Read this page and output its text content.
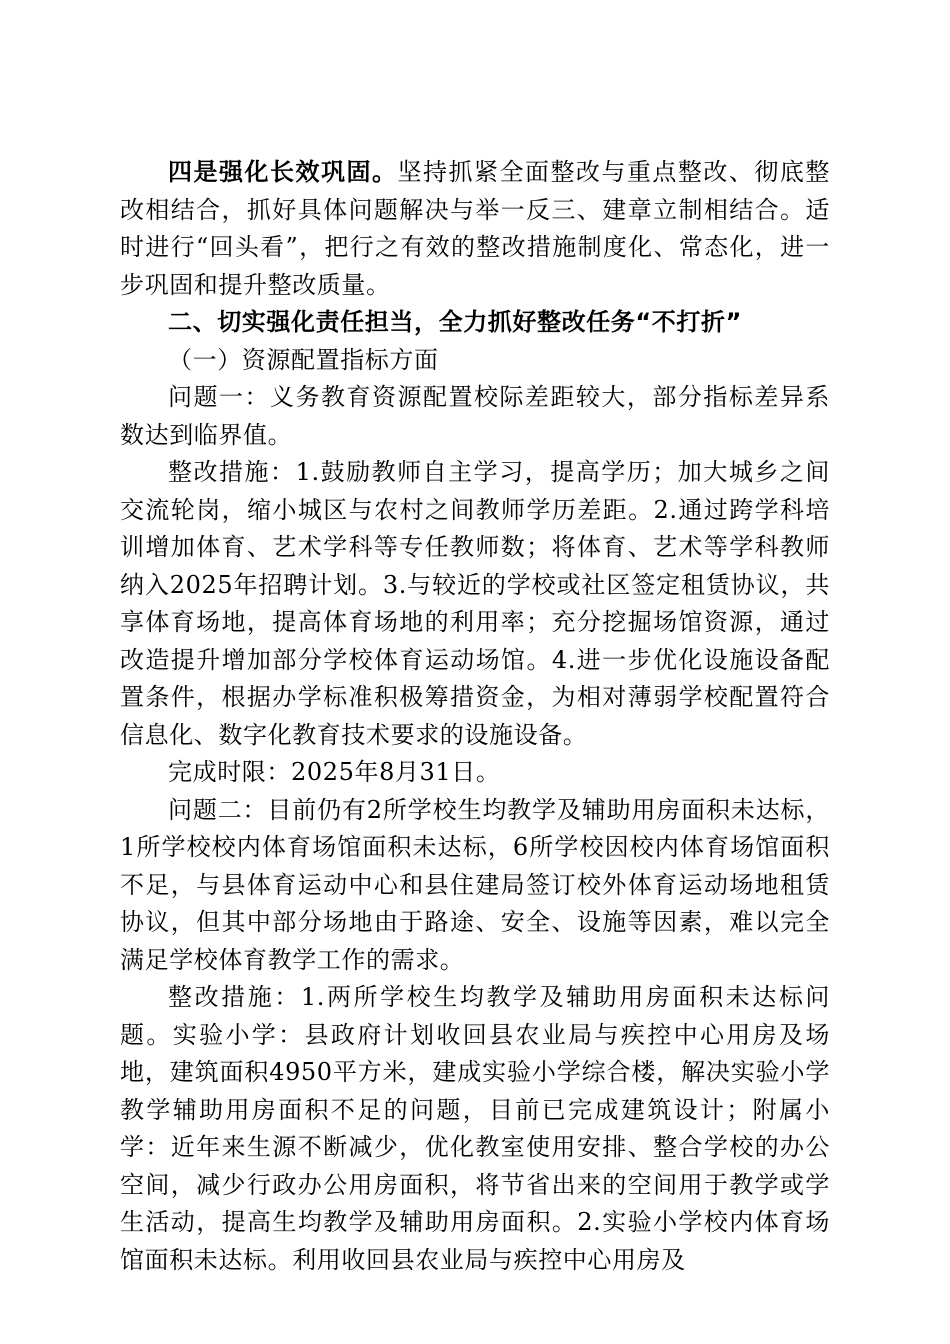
四是强化长效巩固。坚持抓紧全面整改与重点整改、彻底整改相结合，抓好具体问题解决与举一反三、建章立制相结合。适时进行“回头看”，把行之有效的整改措施制度化、常态化，进一步巩固和提升整改质量。

二、切实强化责任担当，全力抓好整改任务“不打折”

（一）资源配置指标方面

问题一：义务教育资源配置校际差距较大，部分指标差异系数达到临界值。

整改措施：1.鼓励教师自主学习，提高学历；加大城乡之间交流轮岗，缩小城区与农村之间教师学历差距。2.通过跨学科培训增加体育、艺术学科等专任教师数；将体育、艺术等学科教师纳入2025年招聘计划。3.与较近的学校或社区签定租赁协议，共享体育场地，提高体育场地的利用率；充分挖掘场馆资源，通过改造提升增加部分学校体育运动场馆。4.进一步优化设施设备配置条件，根据办学标准积极筹措资金，为相对薄弱学校配置符合信息化、数字化教育技术要求的设施设备。

完成时限：2025年8月31日。

问题二：目前仍有2所学校生均教学及辅助用房面积未达标，1所学校校内体育场馆面积未达标，6所学校因校内体育场馆面积不足，与县体育运动中心和县住建局签订校外体育运动场地租赁协议，但其中部分场地由于路途、安全、设施等因素，难以完全满足学校体育教学工作的需求。

整改措施：1.两所学校生均教学及辅助用房面积未达标问题。实验小学：县政府计划收回县农业局与疾控中心用房及场地，建筑面积4950平方米，建成实验小学综合楼，解决实验小学教学辅助用房面积不足的问题，目前已完成建筑设计；附属小学：近年来生源不断减少，优化教室使用安排、整合学校的办公空间，减少行政办公用房面积，将节省出来的空间用于教学或学生活动，提高生均教学及辅助用房面积。2.实验小学校内体育场馆面积未达标。利用收回县农业局与疾控中心用房及
